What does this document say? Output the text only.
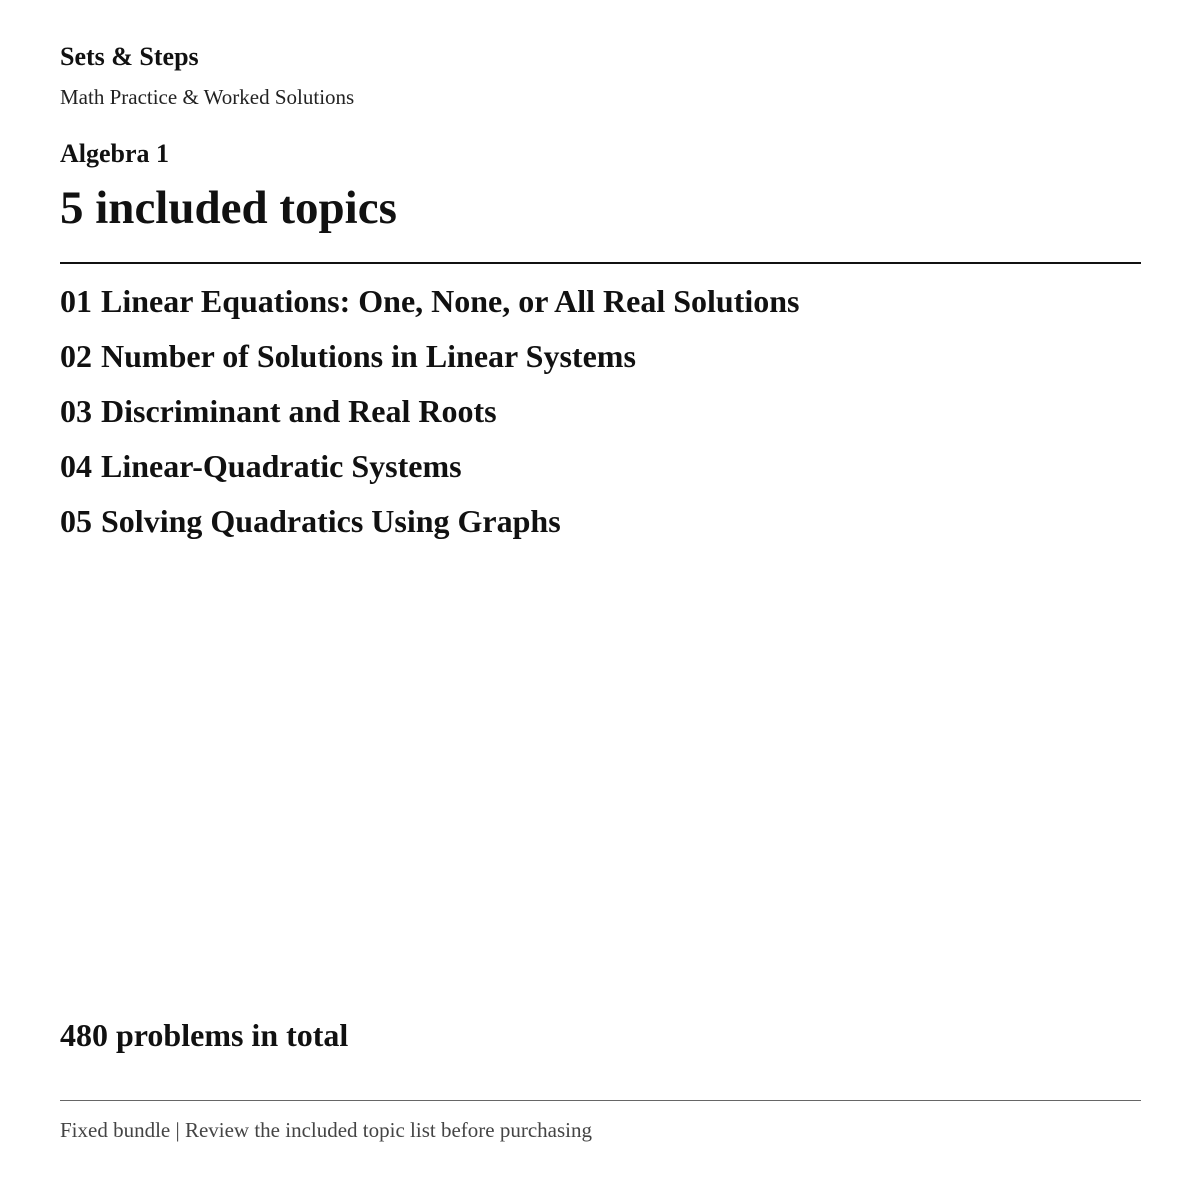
Sets & Steps
Math Practice & Worked Solutions
Algebra 1
5 included topics
01 Linear Equations: One, None, or All Real Solutions
02 Number of Solutions in Linear Systems
03 Discriminant and Real Roots
04 Linear-Quadratic Systems
05 Solving Quadratics Using Graphs
480 problems in total
Fixed bundle | Review the included topic list before purchasing
